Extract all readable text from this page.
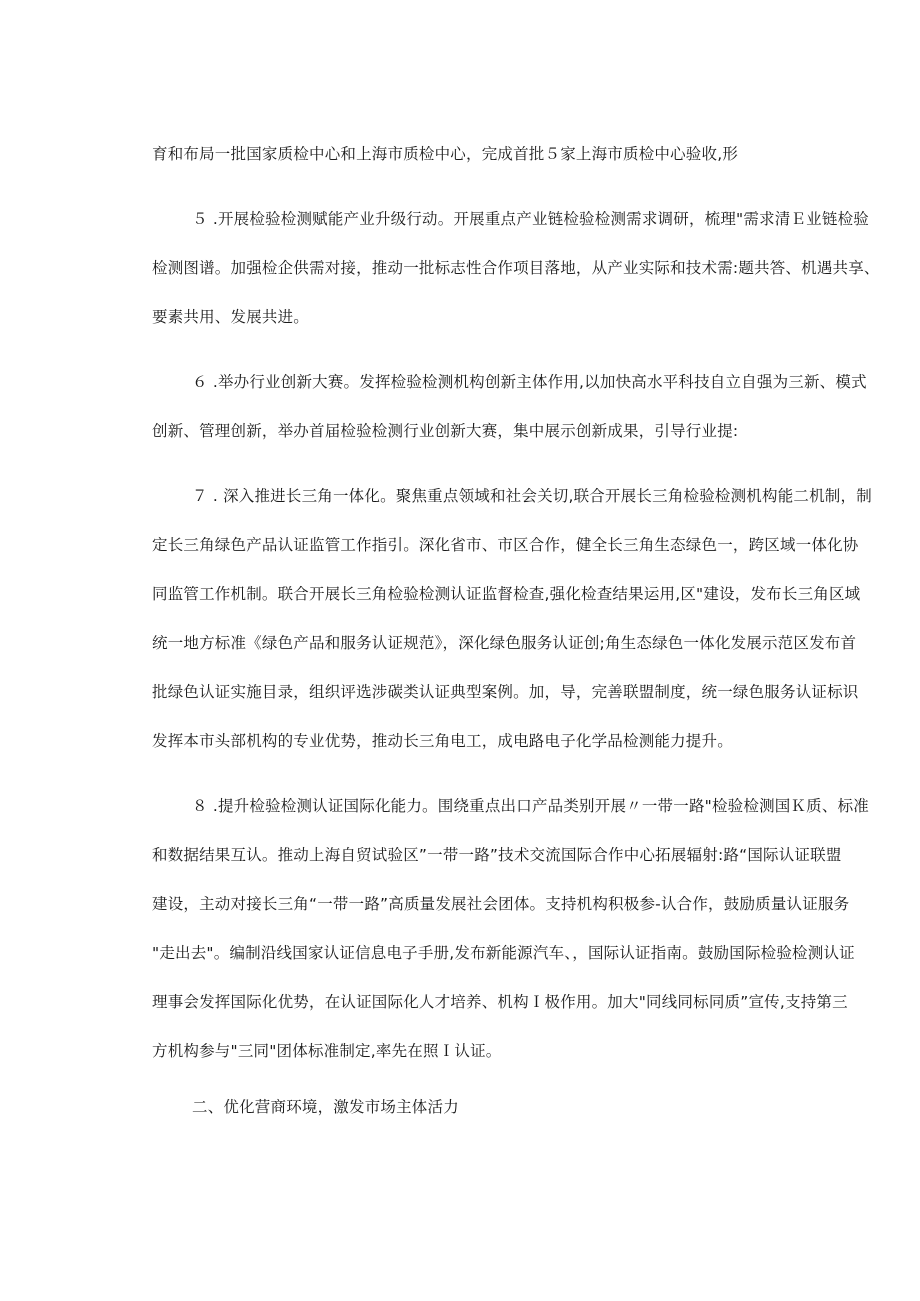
育和布局一批国家质检中心和上海市质检中心，完成首批５家上海市质检中心验收,形
５ .开展检验检测赋能产业升级行动。开展重点产业链检验检测需求调研，梳理"需求清Ｅ业链检验
检测图谱。加强检企供需对接，推动一批标志性合作项目落地，从产业实际和技术需:题共答、机遇共享、
要素共用、发展共进。
６ .举办行业创新大赛。发挥检验检测机构创新主体作用,以加快高水平科技自立自强为三新、模式
创新、管理创新，举办首届检验检测行业创新大赛，集中展示创新成果，引导行业提:
７ . 深入推进长三角一体化。聚焦重点领域和社会关切,联合开展长三角检验检测机构能二机制，制
定长三角绿色产品认证监管工作指引。深化省市、市区合作，健全长三角生态绿色一，跨区域一体化协
同监管工作机制。联合开展长三角检验检测认证监督检查,强化检查结果运用,区"建设，发布长三角区域
统一地方标准《绿色产品和服务认证规范》，深化绿色服务认证创;角生态绿色一体化发展示范区发布首
批绿色认证实施目录，组织评选涉碳类认证典型案例。加，导，完善联盟制度，统一绿色服务认证标识
发挥本市头部机构的专业优势，推动长三角电工，成电路电子化学品检测能力提升。
８ .提升检验检测认证国际化能力。围绕重点出口产品类别开展〃一带一路"检验检测国Ｋ质、标准
和数据结果互认。推动上海自贸试验区”一带一路”技术交流国际合作中心拓展辐射:路“国际认证联盟
建设，主动对接长三角“一带一路”高质量发展社会团体。支持机构积极参-认合作，鼓励质量认证服务
"走出去"。编制沿线国家认证信息电子手册,发布新能源汽车、，国际认证指南。鼓励国际检验检测认证
理事会发挥国际化优势，在认证国际化人才培养、机构Ｉ极作用。加大"同线同标同质”宣传,支持第三
方机构参与"三同"团体标准制定,率先在照Ｉ认证。
二、优化营商环境，激发市场主体活力
